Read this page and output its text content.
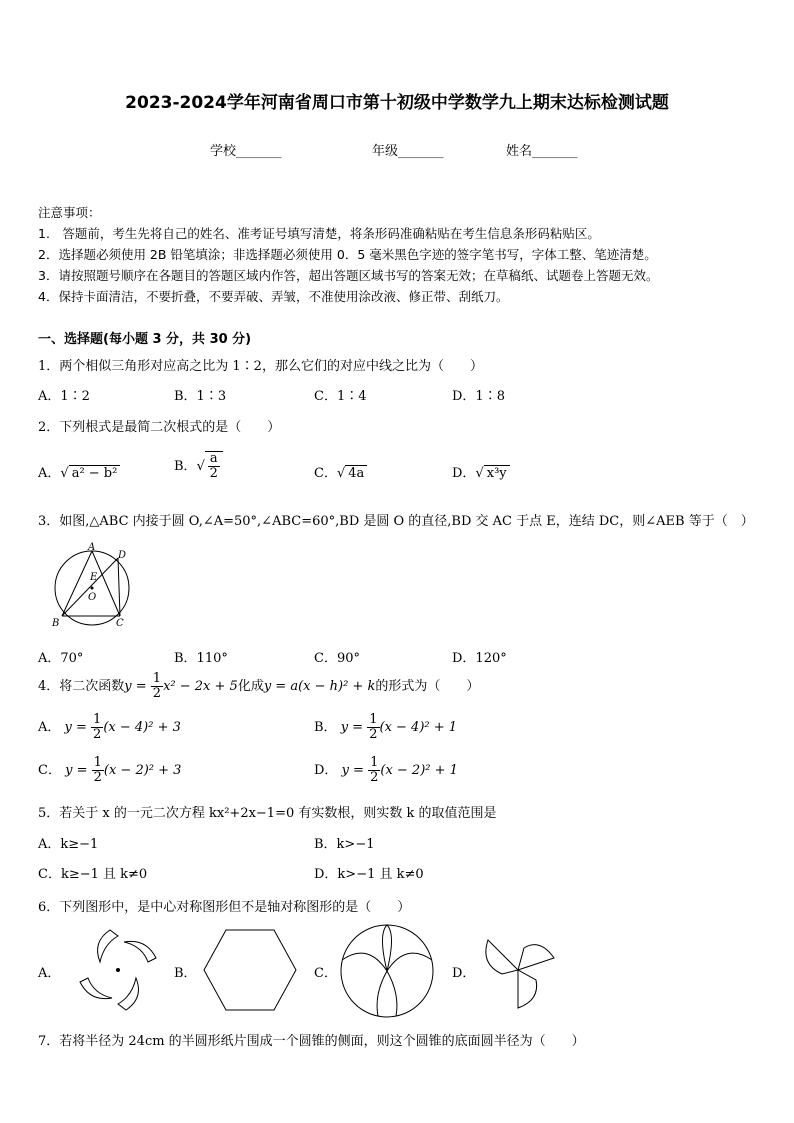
2023-2024学年河南省周口市第十初级中学数学九上期末达标检测试题
学校_______	年级_______	姓名_______
注意事项：
1.　答题前，考生先将自己的姓名、准考证号填写清楚，将条形码准确粘贴在考生信息条形码粘贴区。
2．选择题必须使用 2B 铅笔填涂；非选择题必须使用 0．5 毫米黑色字迹的签字笔书写，字体工整、笔迹清楚。
3．请按照题号顺序在各题目的答题区域内作答，超出答题区域书写的答案无效；在草稿纸、试题卷上答题无效。
4．保持卡面清洁，不要折叠，不要弄破、弄皱，不准使用涂改液、修正带、刮纸刀。
一、选择题(每小题 3 分，共 30 分)
1．两个相似三角形对应高之比为 1∶2，那么它们的对应中线之比为（　　）
A．1∶2	B．1∶3	C．1∶4	D．1∶8
2．下列根式是最简二次根式的是（　　）
A．√ a² − b²	B．√ $\frac{a}{2}$	C．√ 4a	D．√ x³y
3．如图,△ABC 内接于圆 O,∠A=50°,∠ABC=60°,BD 是圆 O 的直径,BD 交 AC 于点 E，连结 DC，则∠AEB 等于（　）
A
B	C
D
E
O
A．70°	B．110°	C．90°	D．120°
4．将二次函数$y = \frac{1}{2} x^2 - 2x + 5$化成y = a(x − h)² + k的形式为（　　）
A． $y = \frac{1}{2} (x - 4)^2 + 3$	B． $y = \frac{1}{2} (x - 4)^2 + 1$
C． $y = \frac{1}{2} (x - 2)^2 + 3$	D． $y = \frac{1}{2} (x - 2)^2 + 1$
5．若关于 x 的一元二次方程 kx²+2x−1=0 有实数根，则实数 k 的取值范围是
A．k≥−1	B．k>−1
C．k≥−1 且 k≠0	D．k>−1 且 k≠0
6．下列图形中，是中心对称图形但不是轴对称图形的是（　　）
A．	B．	C．	D．
7．若将半径为 24cm 的半圆形纸片围成一个圆锥的侧面，则这个圆锥的底面圆半径为（　　）
